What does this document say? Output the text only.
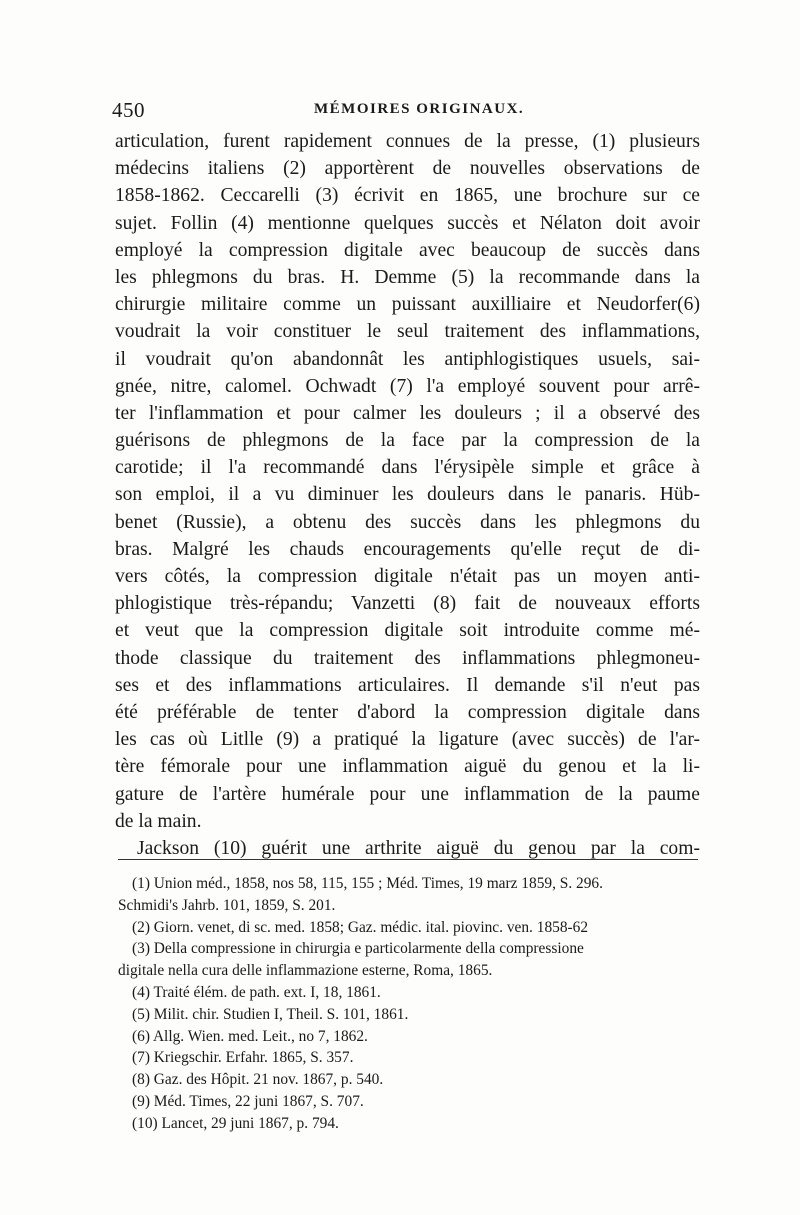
450	MÉMOIRES ORIGINAUX.
articulation, furent rapidement connues de la presse, (1) plusieurs
médecins italiens (2) apportèrent de nouvelles observations de
1858-1862. Ceccarelli (3) écrivit en 1865, une brochure sur ce
sujet. Follin (4) mentionne quelques succès et Nélaton doit avoir
employé la compression digitale avec beaucoup de succès dans
les phlegmons du bras. H. Demme (5) la recommande dans la
chirurgie militaire comme un puissant auxilliaire et Neudorfer(6)
voudrait la voir constituer le seul traitement des inflammations,
il voudrait qu'on abandonnât les antiphlogistiques usuels, sai-
gnée, nitre, calomel. Ochwadt (7) l'a employé souvent pour arrê-
ter l'inflammation et pour calmer les douleurs ; il a observé des
guérisons de phlegmons de la face par la compression de la
carotide; il l'a recommandé dans l'érysipèle simple et grâce à
son emploi, il a vu diminuer les douleurs dans le panaris. Hüb-
benet (Russie), a obtenu des succès dans les phlegmons du
bras. Malgré les chauds encouragements qu'elle reçut de di-
vers côtés, la compression digitale n'était pas un moyen anti-
phlogistique très-répandu; Vanzetti (8) fait de nouveaux efforts
et veut que la compression digitale soit introduite comme mé-
thode classique du traitement des inflammations phlegmoneu-
ses et des inflammations articulaires. Il demande s'il n'eut pas
été préférable de tenter d'abord la compression digitale dans
les cas où Litlle (9) a pratiqué la ligature (avec succès) de l'ar-
tère fémorale pour une inflammation aiguë du genou et la li-
gature de l'artère humérale pour une inflammation de la paume
de la main.
Jackson (10) guérit une arthrite aiguë du genou par la com-
(1) Union méd., 1858, nos 58, 115, 155 ; Méd. Times, 19 marz 1859, S. 296.
Schmidi's Jahrb. 101, 1859, S. 201.
(2) Giorn. venet, di sc. med. 1858; Gaz. médic. ital. piovinc. ven. 1858-62
(3) Della compressione in chirurgia e particolarmente della compressione
digitale nella cura delle inflammazione esterne, Roma, 1865.
(4) Traité élém. de path. ext. I, 18, 1861.
(5) Milit. chir. Studien I, Theil. S. 101, 1861.
(6) Allg. Wien. med. Leit., no 7, 1862.
(7) Kriegschir. Erfahr. 1865, S. 357.
(8) Gaz. des Hôpit. 21 nov. 1867, p. 540.
(9) Méd. Times, 22 juni 1867, S. 707.
(10) Lancet, 29 juni 1867, p. 794.
